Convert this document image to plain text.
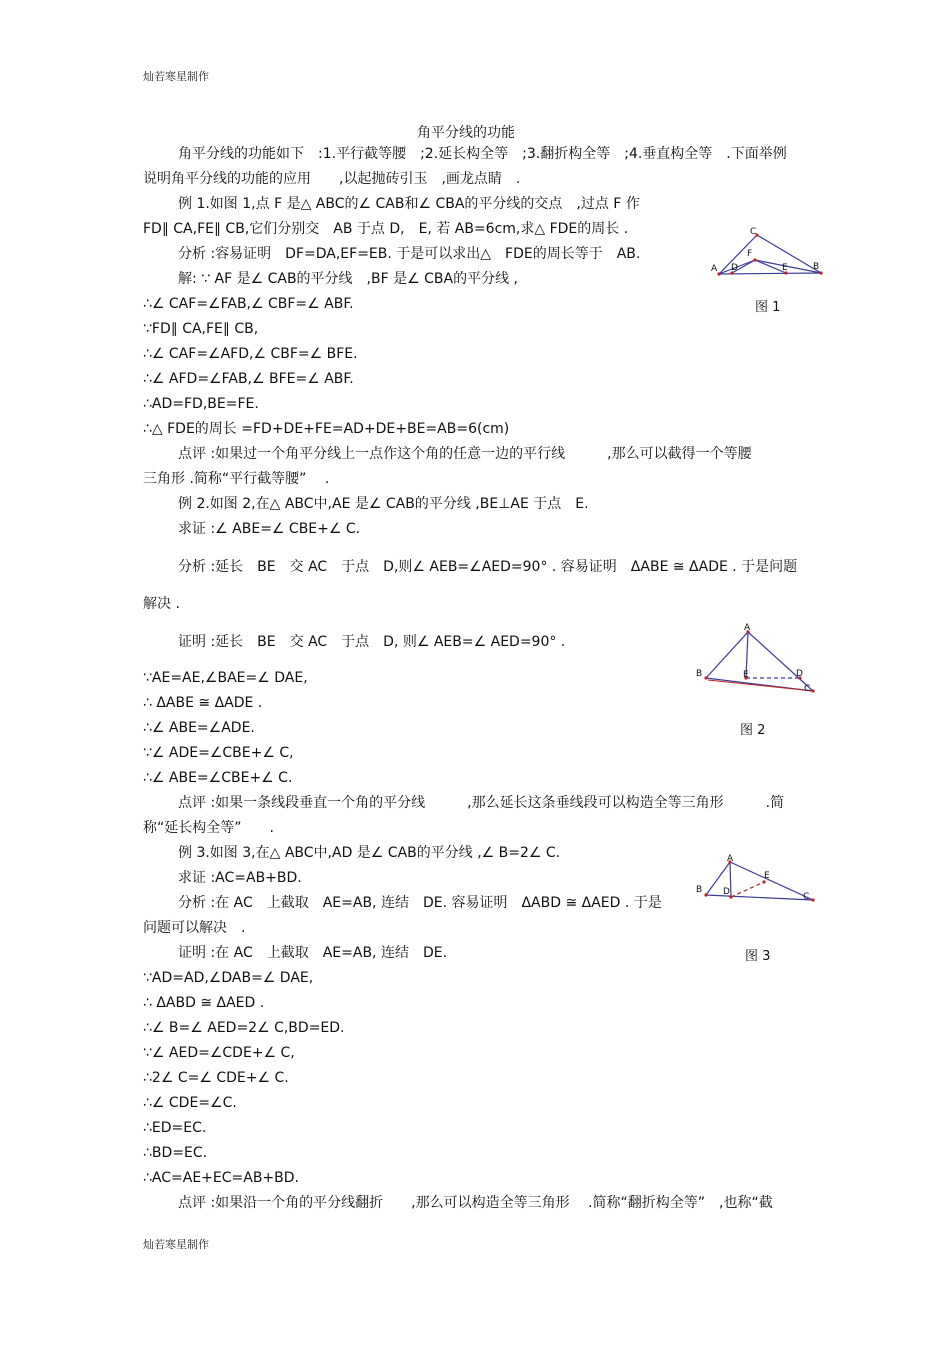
灿若寒星制作
灿若寒星制作
角平分线的功能
角平分线的功能如下　:1.平行截等腰　;2.延长构全等　;3.翻折构全等　;4.垂直构全等　.下面举例
说明角平分线的功能的应用　　,以起抛砖引玉　,画龙点睛　.
例 1.如图 1,点 F 是△ ABC的∠ CAB和∠ CBA的平分线的交点　,过点 F 作
FD∥ CA,FE∥ CB,它们分别交　AB 于点 D,　E, 若 AB=6cm,求△ FDE的周长 .
分析 :容易证明　DF=DA,EF=EB. 于是可以求出△　FDE的周长等于　AB.
解: ∵ AF 是∠ CAB的平分线　,BF 是∠ CBA的平分线 ,
∴∠ CAF=∠FAB,∠ CBF=∠ ABF.
∵FD∥ CA,FE∥ CB,
∴∠ CAF=∠AFD,∠ CBF=∠ BFE.
∴∠ AFD=∠FAB,∠ BFE=∠ ABF.
∴AD=FD,BE=FE.
∴△ FDE的周长 =FD+DE+FE=AD+DE+BE=AB=6(cm)
点评 :如果过一个角平分线上一点作这个角的任意一边的平行线　　　,那么可以截得一个等腰
三角形 .简称“平行截等腰”　 .
例 2.如图 2,在△ ABC中,AE 是∠ CAB的平分线 ,BE⊥AE 于点　E.
求证 :∠ ABE=∠ CBE+∠ C.
分析 :延长　BE　交 AC　于点　D,则∠ AEB=∠AED=90° . 容易证明　ΔABE ≅ ΔADE . 于是问题
解决 .
证明 :延长　BE　交 AC　于点　D, 则∠ AEB=∠ AED=90° .
∵AE=AE,∠BAE=∠ DAE,
∴ ΔABE ≅ ΔADE .
∴∠ ABE=∠ADE.
∵∠ ADE=∠CBE+∠ C,
∴∠ ABE=∠CBE+∠ C.
点评 :如果一条线段垂直一个角的平分线　　　,那么延长这条垂线段可以构造全等三角形　　　.简
称“延长构全等”　　.
例 3.如图 3,在△ ABC中,AD 是∠ CAB的平分线 ,∠ B=2∠ C.
求证 :AC=AB+BD.
分析 :在 AC　上截取　AE=AB, 连结　DE. 容易证明　ΔABD ≅ ΔAED . 于是
问题可以解决　.
证明 :在 AC　上截取　AE=AB, 连结　DE.
∵AD=AD,∠DAB=∠ DAE,
∴ ΔABD ≅ ΔAED .
∴∠ B=∠ AED=2∠ C,BD=ED.
∵∠ AED=∠CDE+∠ C,
∴2∠ C=∠ CDE+∠ C.
∴∠ CDE=∠C.
∴ED=EC.
∴BD=EC.
∴AC=AE+EC=AB+BD.
点评 :如果沿一个角的平分线翻折　　,那么可以构造全等三角形　 .简称“翻折构全等”　,也称“截
C
F
A D	E	B
图 1
A
B	E	D
C
图 2
A
E
B D	C
图 3
